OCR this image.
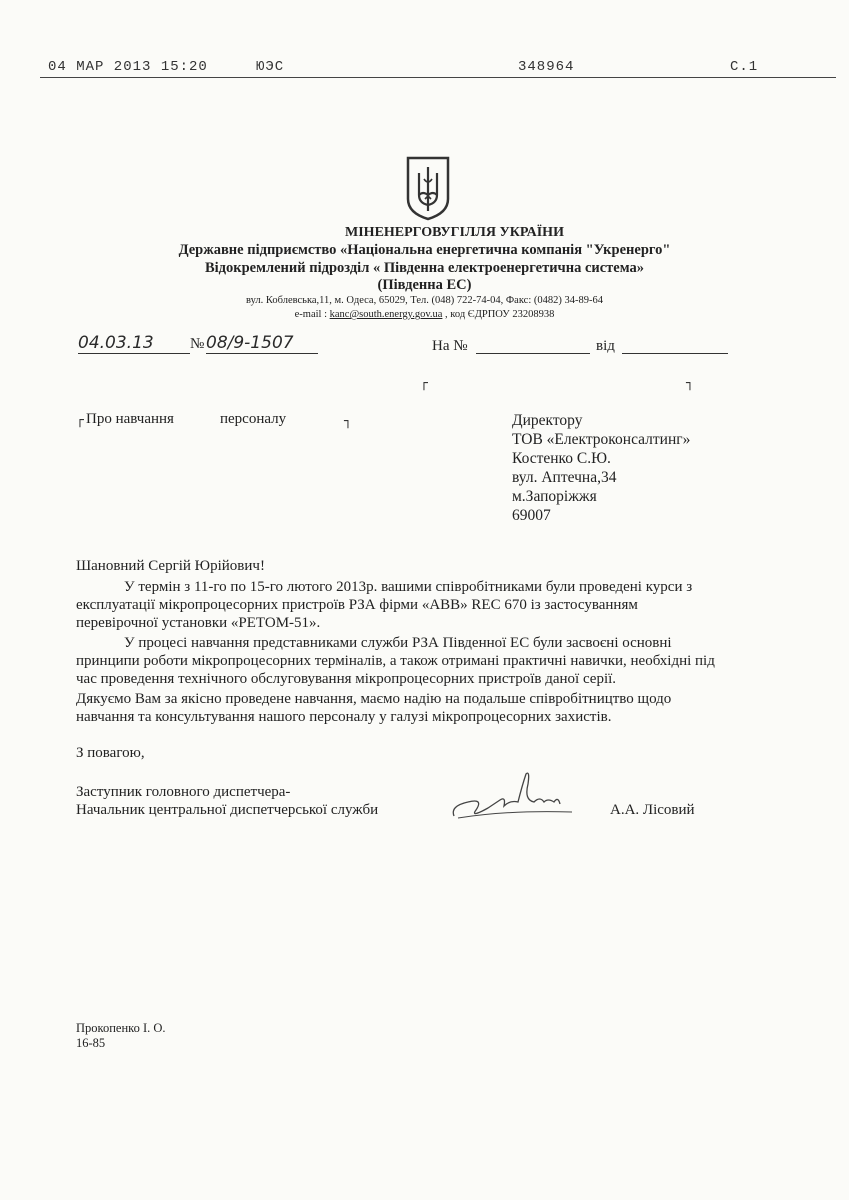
04 МАР 2013 15:20	ЮЭС	348964	С.1
МІНЕНЕРГОВУГІЛЛЯ УКРАЇНИ
Державне підприємство «Національна енергетична компанія "Укренерго"
Відокремлений підрозділ « Південна електроенергетична система»
(Південна ЕС)
вул. Коблевська,11, м. Одеса, 65029, Тел. (048) 722-74-04, Факс: (0482) 34-89-64
e-mail : kanc@south.energy.gov.ua , код ЄДРПОУ 23208938
04.03.13	№ 08/9-1507	На №	від
┌	┐
┌ Про навчання	персоналу	┐	Директору
ТОВ «Електроконсалтинг»
Костенко С.Ю.
вул. Аптечна,34
м.Запоріжжя
69007
Шановний Сергій Юрійович!
У термін з 11-го по 15-го лютого 2013р. вашими співробітниками були проведені курси з
експлуатації мікропроцесорних пристроїв РЗА фірми «АВВ» REC 670 із застосуванням
перевірочної установки «РЕТОМ-51».
У процесі навчання представниками служби РЗА Південної ЕС були засвоєні основні
принципи роботи мікропроцесорних терміналів, а також отримані практичні навички, необхідні під
час проведення технічного обслуговування мікропроцесорних пристроїв даної серії.
Дякуємо Вам за якісно проведене навчання, маємо надію на подальше співробітництво щодо
навчання та консультування нашого персоналу у галузі мікропроцесорних захистів.
З повагою,
Заступник головного диспетчера-
Начальник центральної диспетчерської служби	А.А. Лісовий
Прокопенко І. О.
16-85
